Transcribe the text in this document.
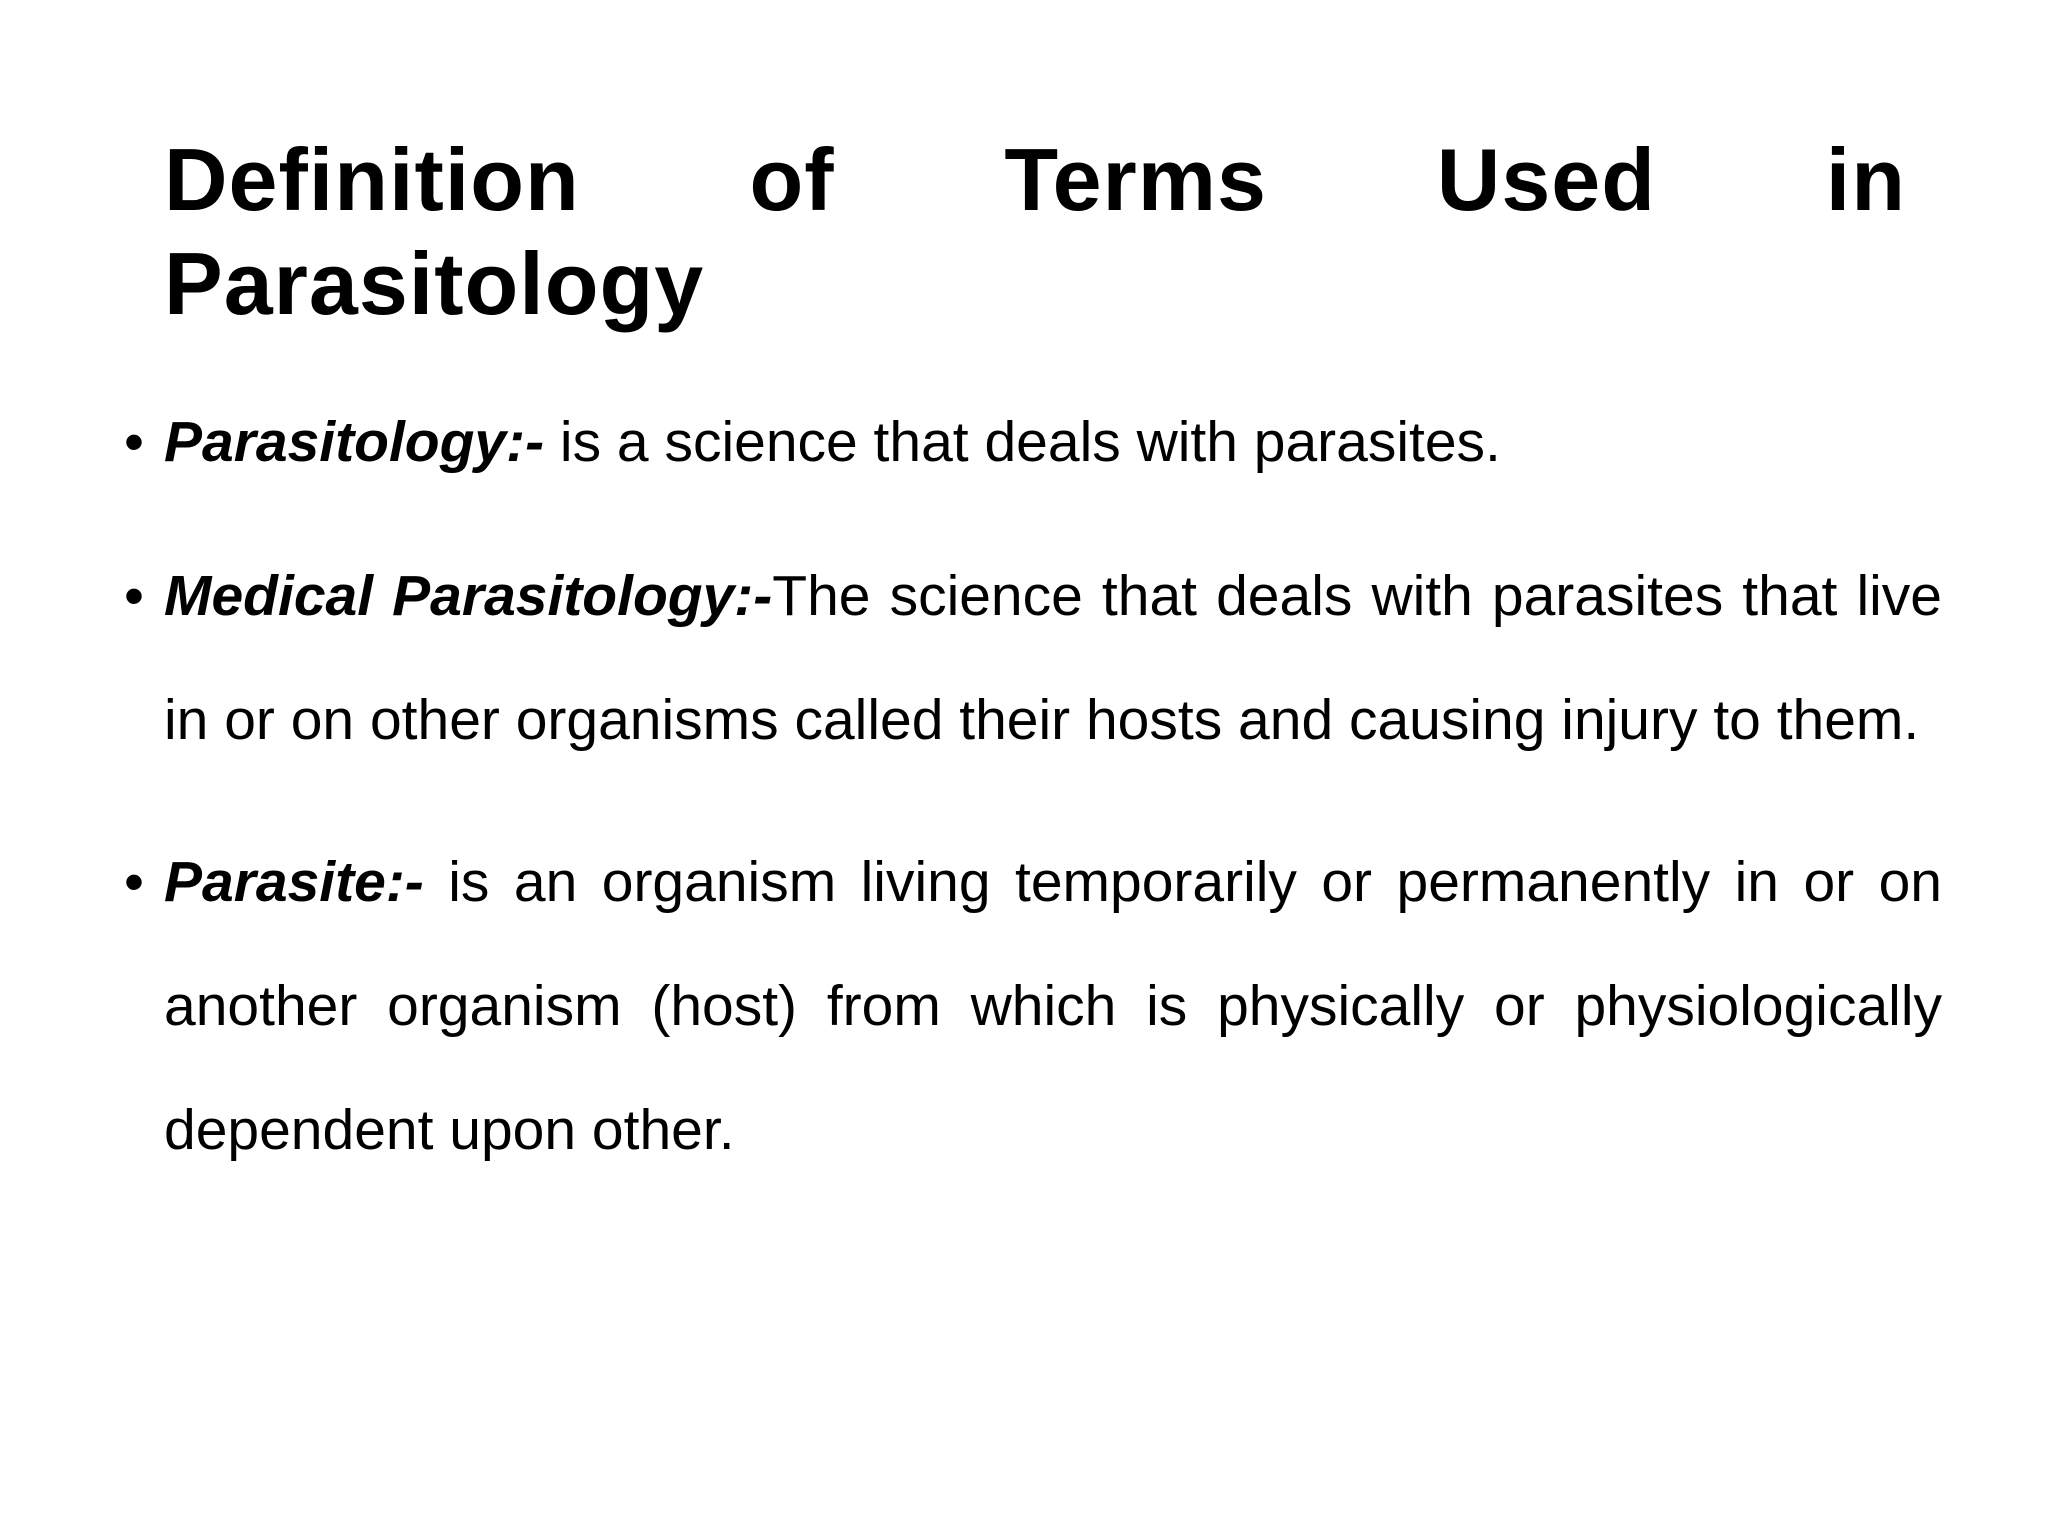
Definition of Terms Used in
Parasitology
• Parasitology:- is a science that deals with parasites.
• Medical Parasitology:-The science that deals with parasites that live in or on other organisms called their hosts and causing injury to them.
• Parasite:- is an organism living temporarily or permanently in or on another organism (host) from which is physically or physiologically dependent upon other.
